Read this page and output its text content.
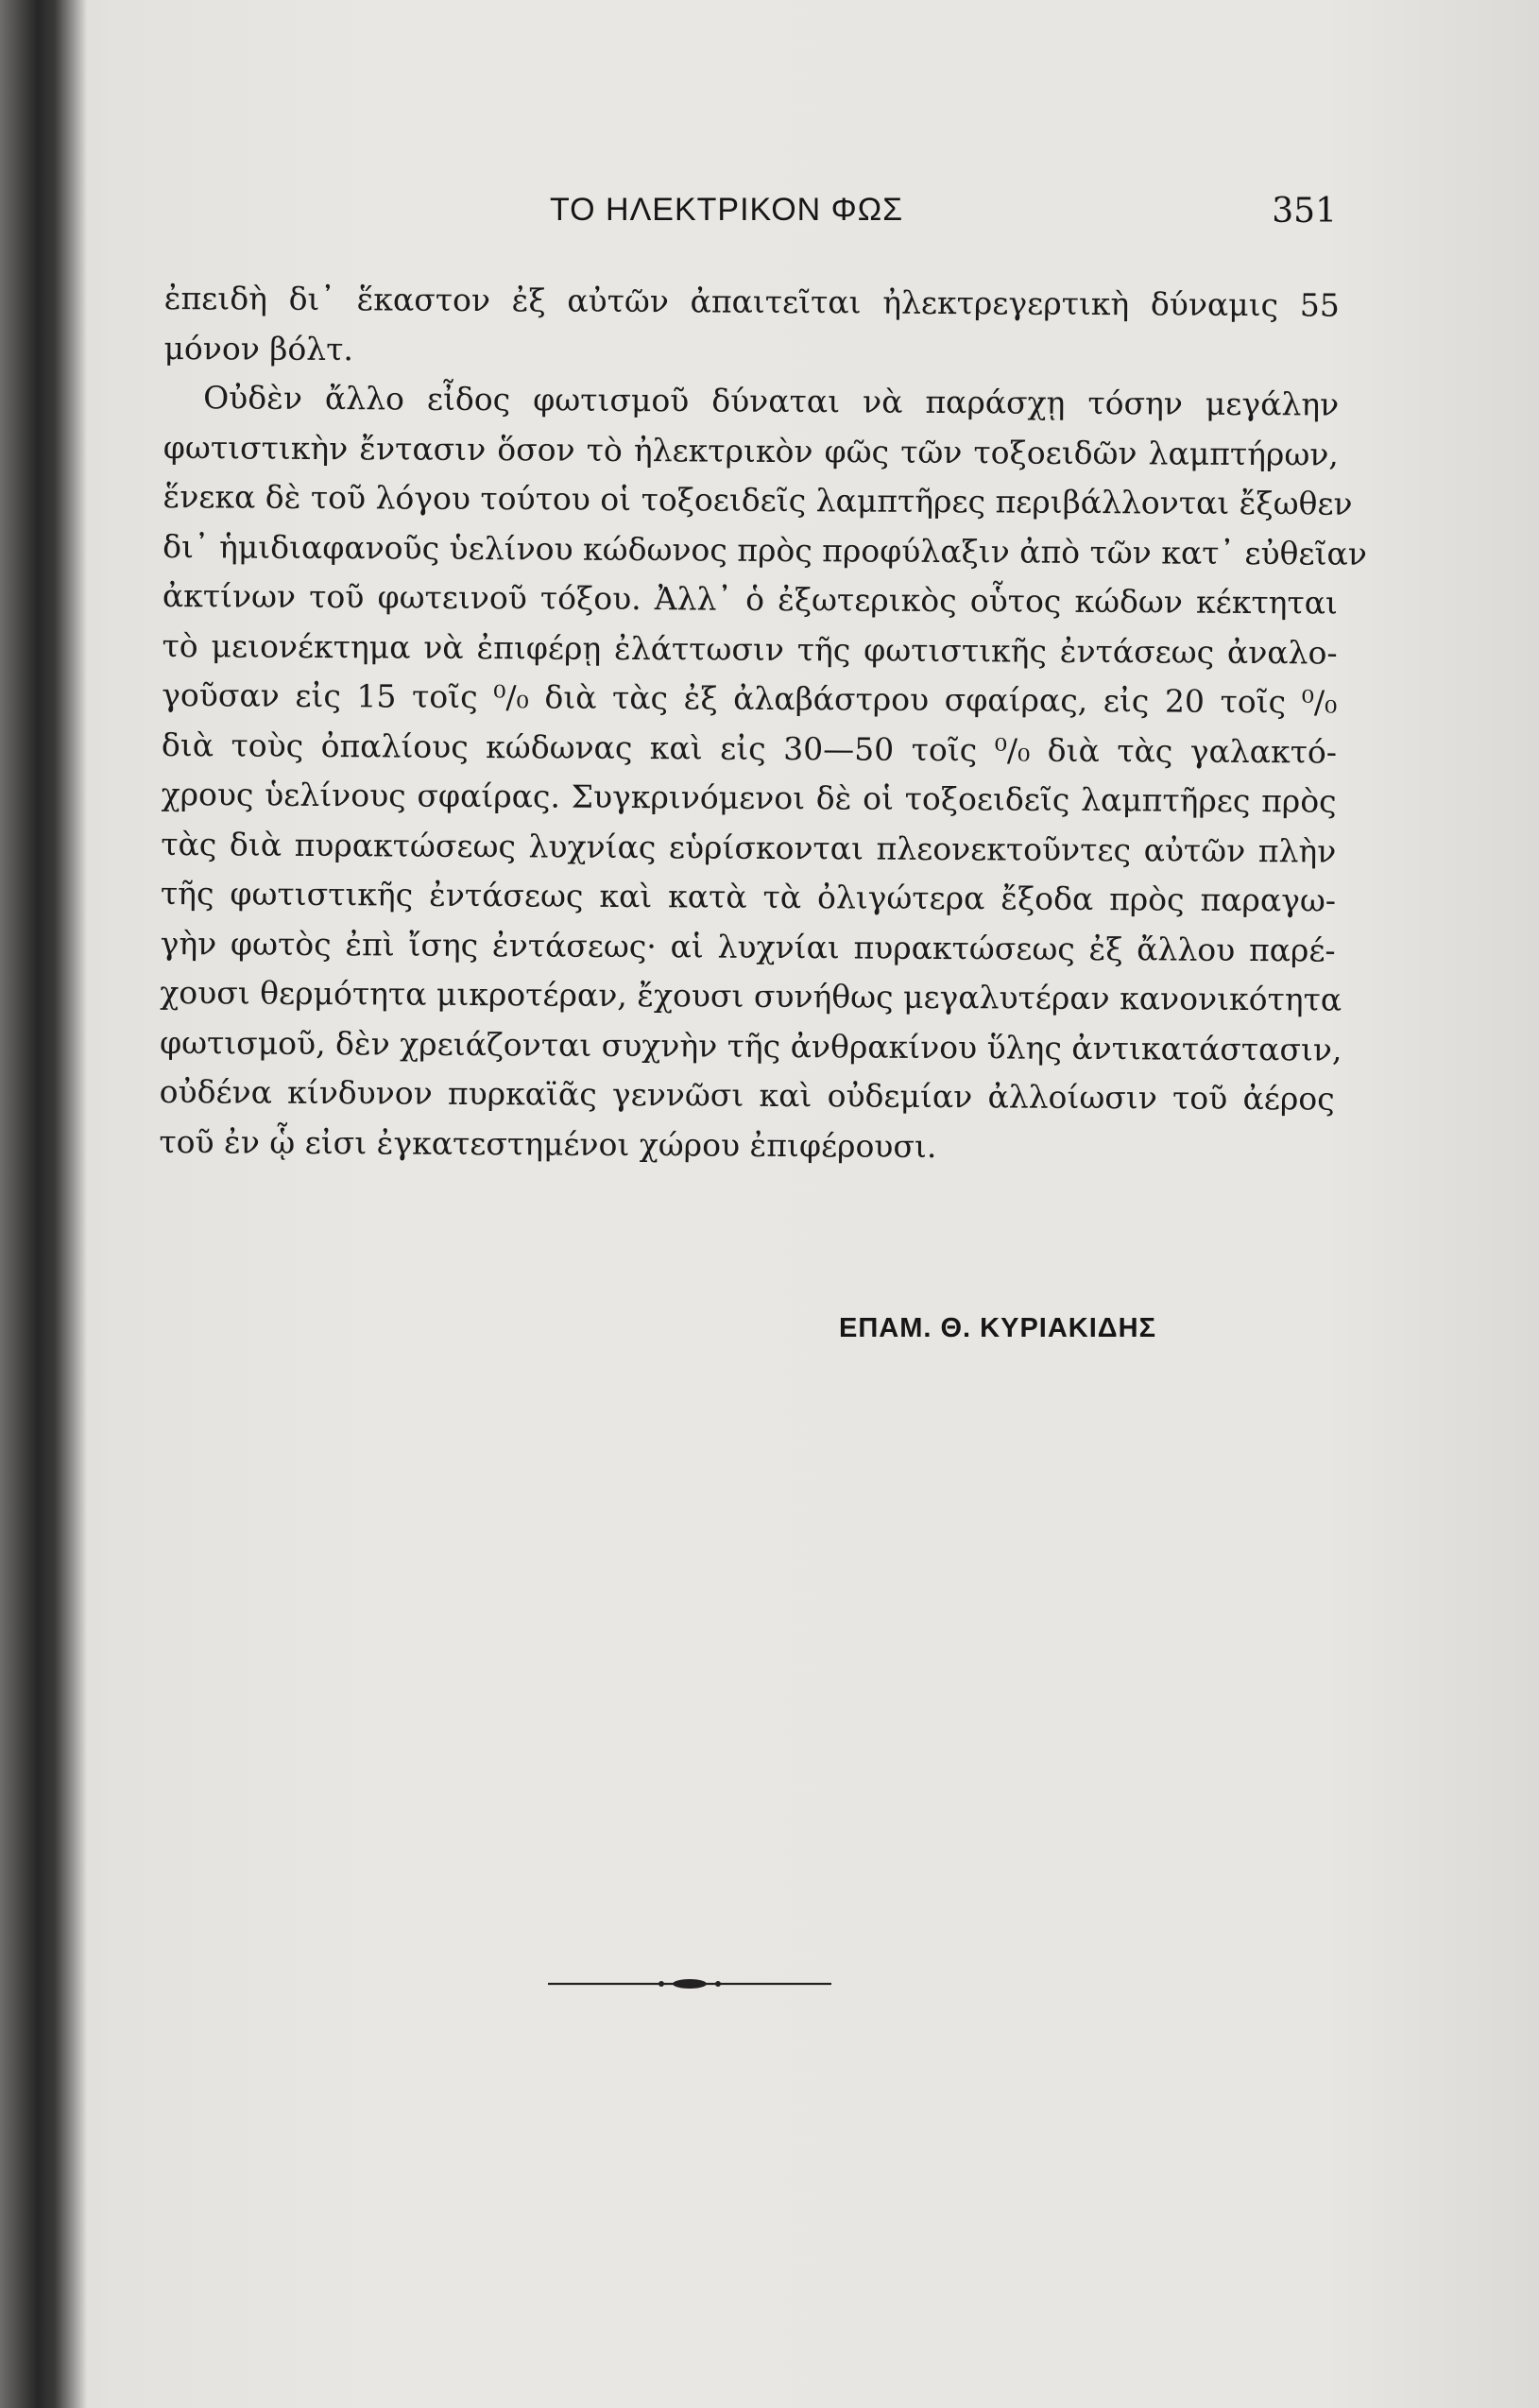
ΤΟ ΗΛΕΚΤΡΙΚΟΝ ΦΩΣ	351
ἐπειδὴ δι᾽ ἕκαστον ἐξ αὐτῶν ἀπαιτεῖται ἠλεκτρεγερτικὴ δύναμις 55
μόνον βόλτ.
Οὐδὲν ἄλλο εἶδος φωτισμοῦ δύναται νὰ παράσχῃ τόσην μεγάλην
φωτιστικὴν ἔντασιν ὅσον τὸ ἠλεκτρικὸν φῶς τῶν τοξοειδῶν λαμπτήρων,
ἕνεκα δὲ τοῦ λόγου τούτου οἱ τοξοειδεῖς λαμπτῆρες περιβάλλονται ἔξωθεν
δι᾽ ἡμιδιαφανοῦς ὑελίνου κώδωνος πρὸς προφύλαξιν ἀπὸ τῶν κατ᾽ εὐθεῖαν
ἀκτίνων τοῦ φωτεινοῦ τόξου. Ἀλλ᾽ ὁ ἐξωτερικὸς οὗτος κώδων κέκτηται
τὸ μειονέκτημα νὰ ἐπιφέρῃ ἐλάττωσιν τῆς φωτιστικῆς ἐντάσεως ἀναλο-
γοῦσαν εἰς 15 τοῖς ⁰/₀ διὰ τὰς ἐξ ἀλαβάστρου σφαίρας, εἰς 20 τοῖς ⁰/₀
διὰ τοὺς ὀπαλίους κώδωνας καὶ εἰς 30—50 τοῖς ⁰/₀ διὰ τὰς γαλακτό-
χρους ὑελίνους σφαίρας. Συγκρινόμενοι δὲ οἱ τοξοειδεῖς λαμπτῆρες πρὸς
τὰς διὰ πυρακτώσεως λυχνίας εὑρίσκονται πλεονεκτοῦντες αὐτῶν πλὴν
τῆς φωτιστικῆς ἐντάσεως καὶ κατὰ τὰ ὀλιγώτερα ἔξοδα πρὸς παραγω-
γὴν φωτὸς ἐπὶ ἴσης ἐντάσεως· αἱ λυχνίαι πυρακτώσεως ἐξ ἄλλου παρέ-
χουσι θερμότητα μικροτέραν, ἔχουσι συνήθως μεγαλυτέραν κανονικότητα
φωτισμοῦ, δὲν χρειάζονται συχνὴν τῆς ἀνθρακίνου ὕλης ἀντικατάστασιν,
οὐδένα κίνδυνον πυρκαϊᾶς γεννῶσι καὶ οὐδεμίαν ἀλλοίωσιν τοῦ ἀέρος
τοῦ ἐν ᾧ εἰσι ἐγκατεστημένοι χώρου ἐπιφέρουσι.
ΕΠΑΜ. Θ. ΚΥΡΙΑΚΙΔΗΣ
